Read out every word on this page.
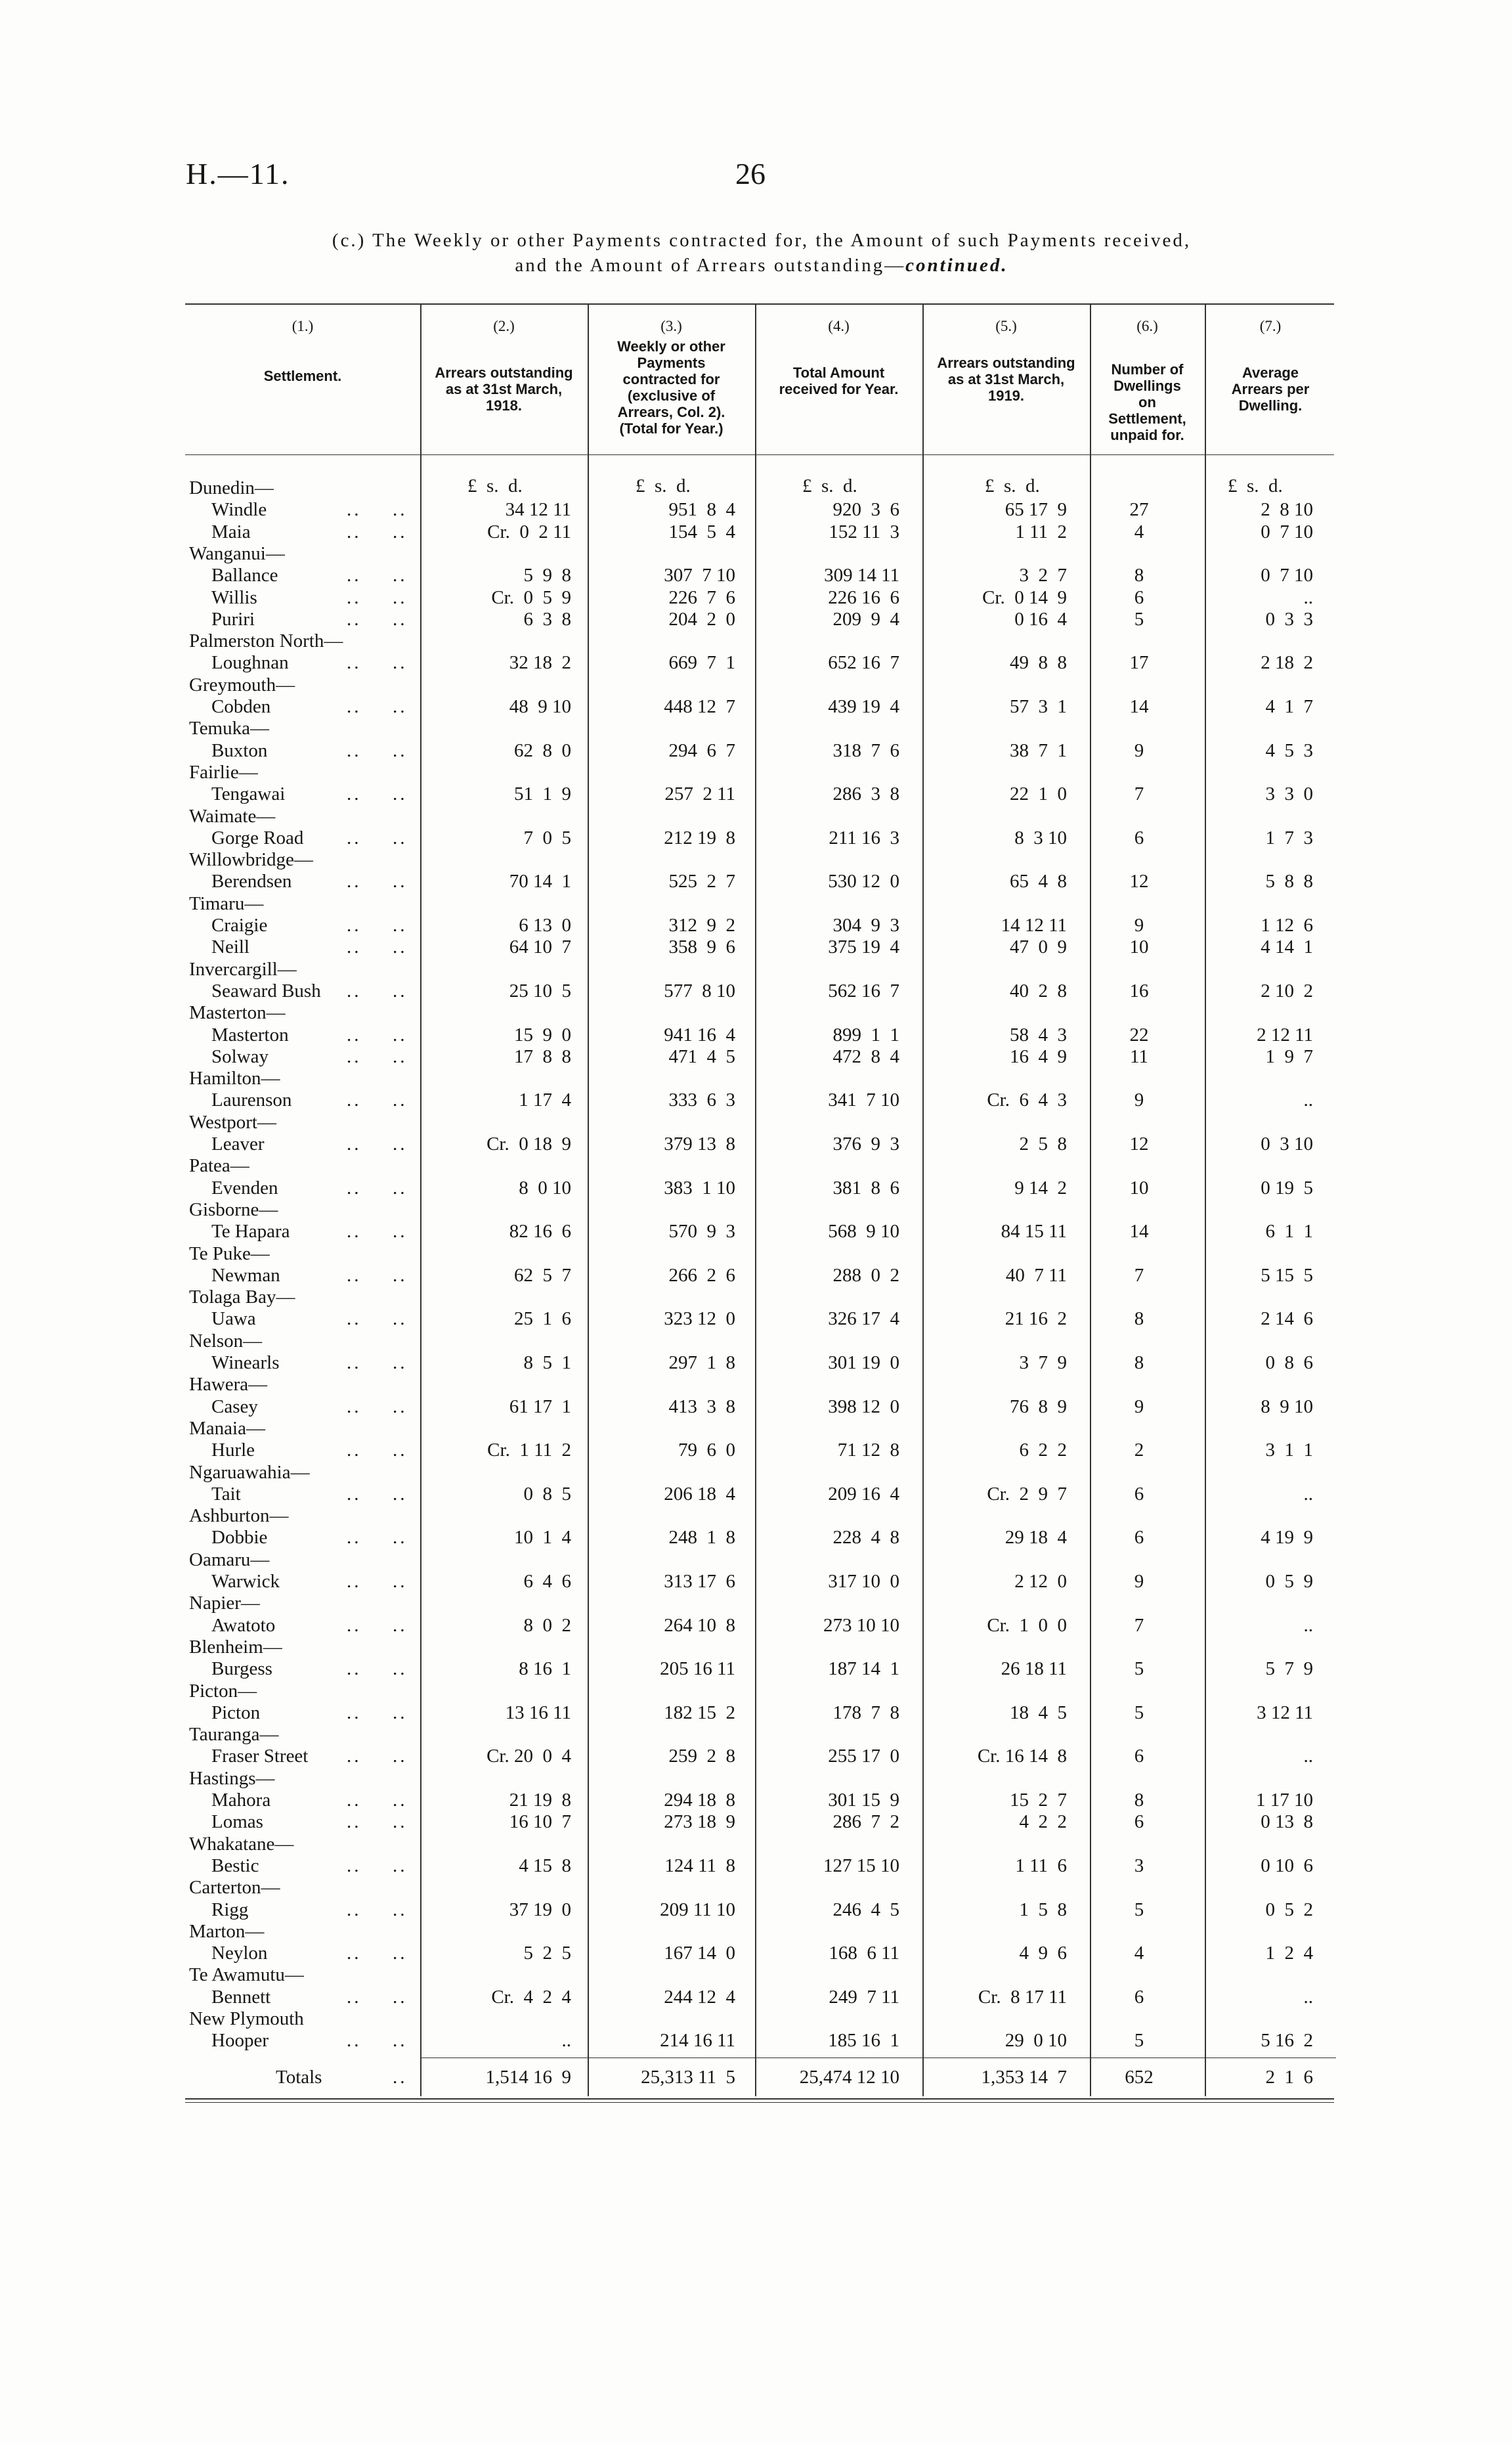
H.—11.	26
(c.) The Weekly or other Payments contracted for, the Amount of such Payments received,
and the Amount of Arrears outstanding—continued.
(1.)
Settlement.
(2.)
Arrears outstanding as at 31st March, 1918.
(3.)
Weekly or other Payments contracted for (exclusive of Arrears, Col. 2). (Total for Year.)
(4.)
Total Amount received for Year.
(5.)
Arrears outstanding as at 31st March, 1919.
(6.)
Number of Dwellings on Settlement, unpaid for.
(7.)
Average Arrears per Dwelling.
£  s.  d.	£  s.  d.	£  s.  d.	£  s.  d.	£  s.  d.
Dunedin—
Windle	.. ..	34 12 11	951  8  4	920  3  6	65 17  9	27	2  8 10
Maia	.. ..	Cr.  0  2 11	154  5  4	152 11  3	1 11  2	4	0  7 10
Wanganui—
Ballance	.. ..	5  9  8	307  7 10	309 14 11	3  2  7	8	0  7 10
Willis	.. ..	Cr.  0  5  9	226  7  6	226 16  6	Cr.  0 14  9	6	..
Puriri	.. ..	6  3  8	204  2  0	209  9  4	0 16  4	5	0  3  3
Palmerston North—
Loughnan	.. ..	32 18  2	669  7  1	652 16  7	49  8  8	17	2 18  2
Greymouth—
Cobden	.. ..	48  9 10	448 12  7	439 19  4	57  3  1	14	4  1  7
Temuka—
Buxton	.. ..	62  8  0	294  6  7	318  7  6	38  7  1	9	4  5  3
Fairlie—
Tengawai	.. ..	51  1  9	257  2 11	286  3  8	22  1  0	7	3  3  0
Waimate—
Gorge Road .. ..	7  0  5	212 19  8	211 16  3	8  3 10	6	1  7  3
Willowbridge—
Berendsen	.. ..	70 14  1	525  2  7	530 12  0	65  4  8	12	5  8  8
Timaru—
Craigie	.. ..	6 13  0	312  9  2	304  9  3	14 12 11	9	1 12  6
Neill	.. ..	64 10  7	358  9  6	375 19  4	47  0  9	10	4 14  1
Invercargill—
Seaward Bush .. ..	25 10  5	577  8 10	562 16  7	40  2  8	16	2 10  2
Masterton—
Masterton	.. ..	15  9  0	941 16  4	899  1  1	58  4  3	22	2 12 11
Solway	.. ..	17  8  8	471  4  5	472  8  4	16  4  9	11	1  9  7
Hamilton—
Laurenson	.. ..	1 17  4	333  6  3	341  7 10	Cr.  6  4  3	9	..
Westport—
Leaver	.. ..	Cr.  0 18  9	379 13  8	376  9  3	2  5  8	12	0  3 10
Patea—
Evenden	.. ..	8  0 10	383  1 10	381  8  6	9 14  2	10	0 19  5
Gisborne—
Te Hapara	.. ..	82 16  6	570  9  3	568  9 10	84 15 11	14	6  1  1
Te Puke—
Newman	.. ..	62  5  7	266  2  6	288  0  2	40  7 11	7	5 15  5
Tolaga Bay—
Uawa	.. ..	25  1  6	323 12  0	326 17  4	21 16  2	8	2 14  6
Nelson—
Winearls	.. ..	8  5  1	297  1  8	301 19  0	3  7  9	8	0  8  6
Hawera—
Casey	.. ..	61 17  1	413  3  8	398 12  0	76  8  9	9	8  9 10
Manaia—
Hurle	.. ..	Cr.  1 11  2	79  6  0	71 12  8	6  2  2	2	3  1  1
Ngaruawahia—
Tait	.. ..	0  8  5	206 18  4	209 16  4	Cr.  2  9  7	6	..
Ashburton—
Dobbie	.. ..	10  1  4	248  1  8	228  4  8	29 18  4	6	4 19  9
Oamaru—
Warwick	.. ..	6  4  6	313 17  6	317 10  0	2 12  0	9	0  5  9
Napier—
Awatoto	.. ..	8  0  2	264 10  8	273 10 10	Cr.  1  0  0	7	..
Blenheim—
Burgess	.. ..	8 16  1	205 16 11	187 14  1	26 18 11	5	5  7  9
Picton—
Picton	.. ..	13 16 11	182 15  2	178  7  8	18  4  5	5	3 12 11
Tauranga—
Fraser Street .. ..	Cr. 20  0  4	259  2  8	255 17  0	Cr. 16 14  8	6	..
Hastings—
Mahora	.. ..	21 19  8	294 18  8	301 15  9	15  2  7	8	1 17 10
Lomas	.. ..	16 10  7	273 18  9	286  7  2	4  2  2	6	0 13  8
Whakatane—
Bestic	.. ..	4 15  8	124 11  8	127 15 10	1 11  6	3	0 10  6
Carterton—
Rigg	.. ..	37 19  0	209 11 10	246  4  5	1  5  8	5	0  5  2
Marton—
Neylon	.. ..	5  2  5	167 14  0	168  6 11	4  9  6	4	1  2  4
Te Awamutu—
Bennett	.. ..	Cr.  4  2  4	244 12  4	249  7 11	Cr.  8 17 11	6	..
New Plymouth
Hooper	.. ..	..	214 16 11	185 16  1	29  0 10	5	5 16  2
Totals	..	1,514 16  9	25,313 11  5	25,474 12 10	1,353 14  7	652	2  1  6
